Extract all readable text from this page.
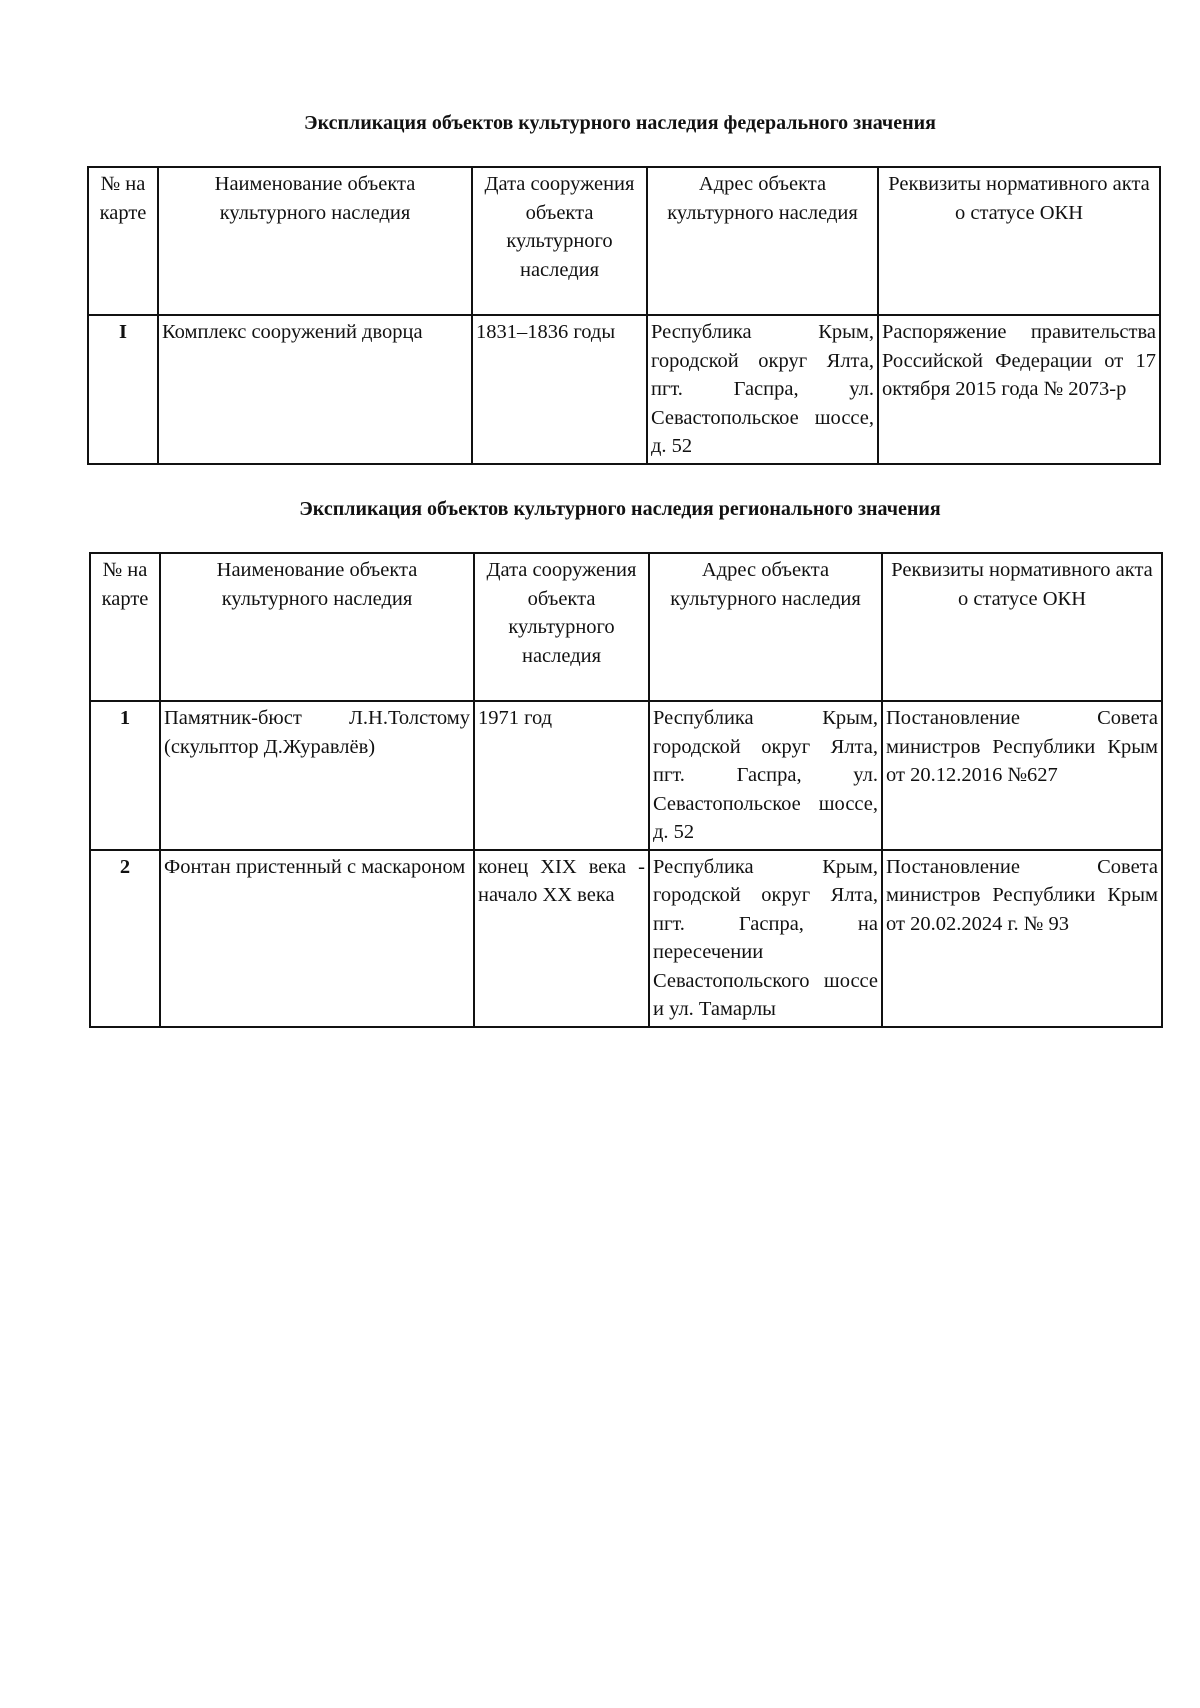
Экспликация объектов культурного наследия федерального значения
№ на карте	Наименование объекта культурного наследия	Дата сооружения объекта культурного наследия	Адрес объекта культурного наследия	Реквизиты нормативного акта о статусе ОКН
I	Комплекс сооружений дворца	1831–1836 годы	Республика Крым, городской округ Ялта, пгт. Гаспра, ул. Севастопольское шоссе, д. 52	Распоряжение правительства Российской Федерации от 17 октября 2015 года № 2073-р
Экспликация объектов культурного наследия регионального значения
№ на карте	Наименование объекта культурного наследия	Дата сооружения объекта культурного наследия	Адрес объекта культурного наследия	Реквизиты нормативного акта о статусе ОКН
1	Памятник-бюст Л.Н.Толстому (скульптор Д.Журавлёв)	1971 год	Республика Крым, городской округ Ялта, пгт. Гаспра, ул. Севастопольское шоссе, д. 52	Постановление Совета министров Республики Крым от 20.12.2016 №627
2	Фонтан пристенный с маскароном	конец XIX века - начало XX века	Республика Крым, городской округ Ялта, пгт. Гаспра, на пересечении Севастопольского шоссе и ул. Тамарлы	Постановление Совета министров Республики Крым от 20.02.2024 г. № 93
